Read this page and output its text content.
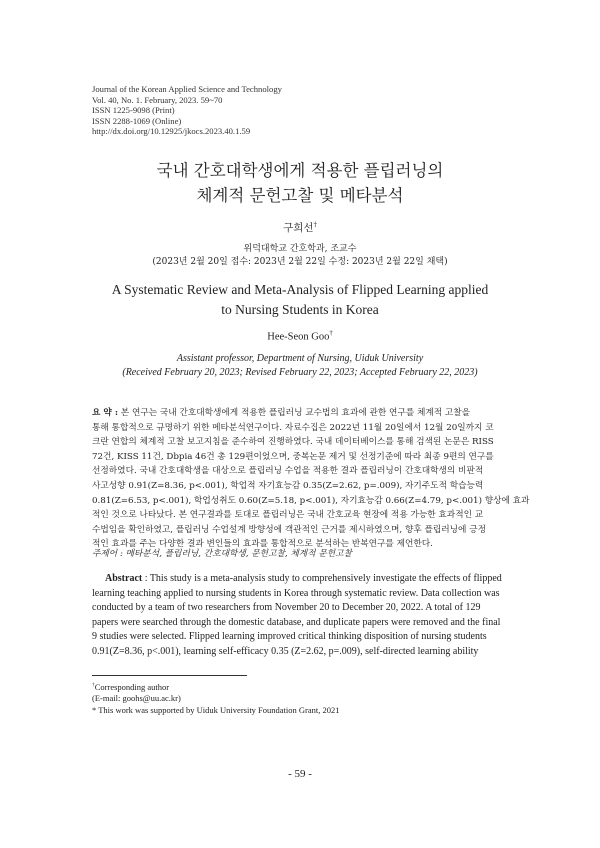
Journal of the Korean Applied Science and Technology
Vol. 40, No. 1. February, 2023. 59~70
ISSN 1225-9098 (Print)
ISSN 2288-1069 (Online)
http://dx.doi.org/10.12925/jkocs.2023.40.1.59
국내 간호대학생에게 적용한 플립러닝의
체계적 문헌고찰 및 메타분석
구희선†
위덕대학교 간호학과, 조교수
(2023년 2월 20일 접수: 2023년 2월 22일 수정: 2023년 2월 22일 채택)
A Systematic Review and Meta-Analysis of Flipped Learning applied
to Nursing Students in Korea
Hee-Seon Goo†
Assistant professor, Department of Nursing, Uiduk University
(Received February 20, 2023; Revised February 22, 2023; Accepted February 22, 2023)
요 약 : 본 연구는 국내 간호대학생에게 적용한 플립러닝 교수법의 효과에 관한 연구를 체계적 고찰을
통해 통합적으로 규명하기 위한 메타분석연구이다. 자료수집은 2022년 11월 20일에서 12월 20일까지 코
크란 연합의 체계적 고찰 보고지침을 준수하여 진행하였다. 국내 데이터베이스를 통해 검색된 논문은 RISS
72건, KISS 11건, Dbpia 46건 총 129편이었으며, 중복논문 제거 및 선정기준에 따라 최종 9편의 연구를
선정하였다. 국내 간호대학생을 대상으로 플립러닝 수업을 적용한 결과 플립러닝이 간호대학생의 비판적
사고성향 0.91(Z=8.36, p<.001), 학업적 자기효능감 0.35(Z=2.62, p=.009), 자기주도적 학습능력
0.81(Z=6.53, p<.001), 학업성취도 0.60(Z=5.18, p<.001), 자기효능감 0.66(Z=4.79, p<.001) 향상에 효과
적인 것으로 나타났다. 본 연구결과를 토대로 플립러닝은 국내 간호교육 현장에 적용 가능한 효과적인 교
수법임을 확인하였고, 플립러닝 수업설계 방향성에 객관적인 근거를 제시하였으며, 향후 플립러닝에 긍정
적인 효과를 주는 다양한 결과 변인들의 효과를 통합적으로 분석하는 반복연구를 제언한다.
주제어 : 메타분석, 플립러닝, 간호대학생, 문헌고찰, 체계적 문헌고찰
Abstract : This study is a meta-analysis study to comprehensively investigate the effects of flipped
learning teaching applied to nursing students in Korea through systematic review. Data collection was
conducted by a team of two researchers from November 20 to December 20, 2022. A total of 129
papers were searched through the domestic database, and duplicate papers were removed and the final
9 studies were selected. Flipped learning improved critical thinking disposition of nursing students
0.91(Z=8.36, p<.001), learning self-efficacy 0.35 (Z=2.62, p=.009), self-directed learning ability
†Corresponding author
(E-mail: goohs@uu.ac.kr)
* This work was supported by Uiduk University Foundation Grant, 2021
- 59 -
